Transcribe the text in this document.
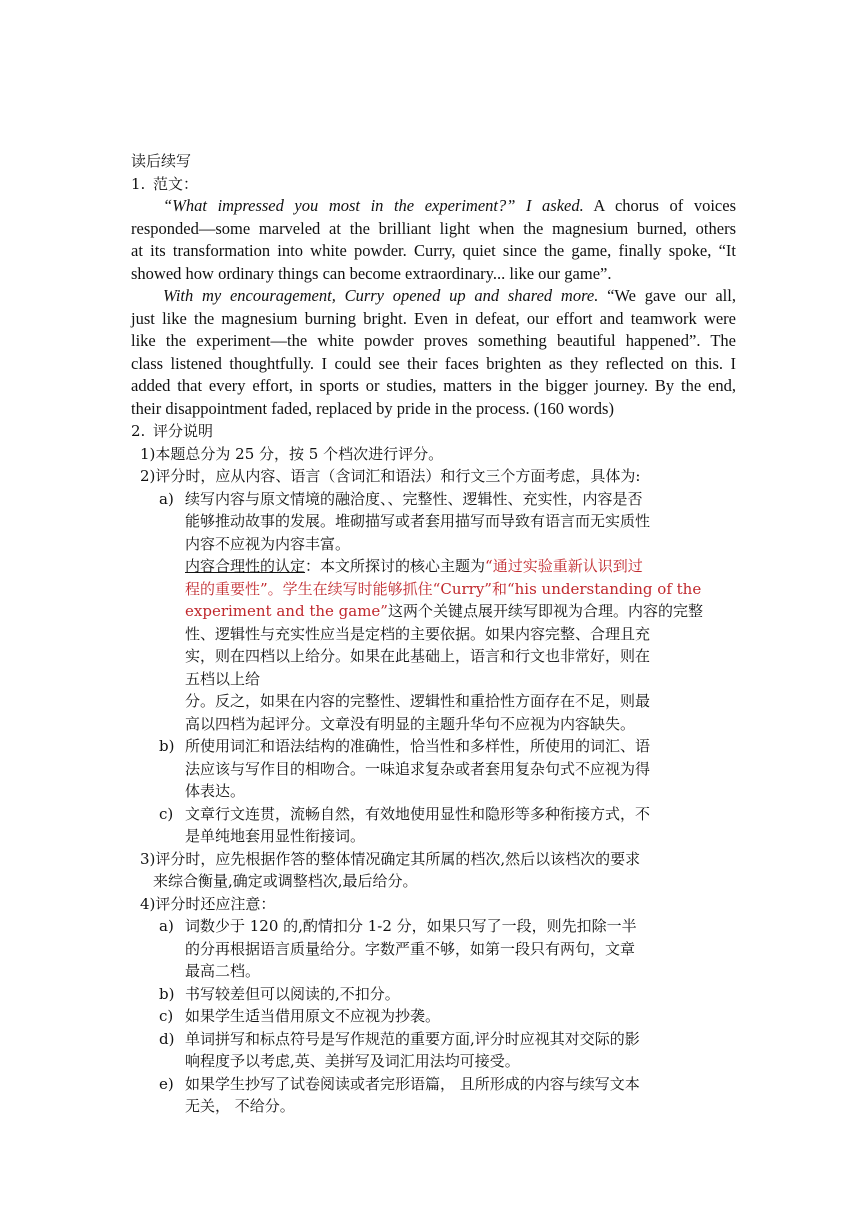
读后续写
1. 范文：
“What impressed you most in the experiment?” I asked. A chorus of voices
responded—some marveled at the brilliant light when the magnesium burned, others
at its transformation into white powder. Curry, quiet since the game, finally spoke, “It
showed how ordinary things can become extraordinary... like our game”.
With my encouragement, Curry opened up and shared more. “We gave our all,
just like the magnesium burning bright. Even in defeat, our effort and teamwork were
like the experiment—the white powder proves something beautiful happened”. The
class listened thoughtfully. I could see their faces brighten as they reflected on this. I
added that every effort, in sports or studies, matters in the bigger journey. By the end,
their disappointment faded, replaced by pride in the process. (160 words)
2. 评分说明
1)本题总分为 25 分，按 5 个档次进行评分。
2)评分时，应从内容、语言（含词汇和语法）和行文三个方面考虑，具体为:
a) 续写内容与原文情境的融洽度、、完整性、逻辑性、充实性，内容是否
能够推动故事的发展。堆砌描写或者套用描写而导致有语言而无实质性
内容不应视为内容丰富。
内容合理性的认定：本文所探讨的核心主题为“通过实验重新认识到过
程的重要性”。学生在续写时能够抓住“Curry”和“his understanding of the
experiment and the game”这两个关键点展开续写即视为合理。内容的完整
性、逻辑性与充实性应当是定档的主要依据。如果内容完整、合理且充
实，则在四档以上给分。如果在此基础上，语言和行文也非常好，则在
五档以上给
分。反之，如果在内容的完整性、逻辑性和重拾性方面存在不足，则最
高以四档为起评分。文章没有明显的主题升华句不应视为内容缺失。
b) 所使用词汇和语法结构的准确性，恰当性和多样性，所使用的词汇、语
法应该与写作目的相吻合。一味追求复杂或者套用复杂句式不应视为得
体表达。
c) 文章行文连贯，流畅自然，有效地使用显性和隐形等多种衔接方式，不
是单纯地套用显性衔接词。
3)评分时，应先根据作答的整体情况确定其所属的档次,然后以该档次的要求
来综合衡量,确定或调整档次,最后给分。
4)评分时还应注意：
a) 词数少于 120 的,酌情扣分 1-2 分，如果只写了一段，则先扣除一半
的分再根据语言质量给分。字数严重不够，如第一段只有两句，文章
最高二档。
b) 书写较差但可以阅读的,不扣分。
c) 如果学生适当借用原文不应视为抄袭。
d) 单词拼写和标点符号是写作规范的重要方面,评分时应视其对交际的影
响程度予以考虑,英、美拼写及词汇用法均可接受。
e) 如果学生抄写了试卷阅读或者完形语篇， 且所形成的内容与续写文本
无关， 不给分。
